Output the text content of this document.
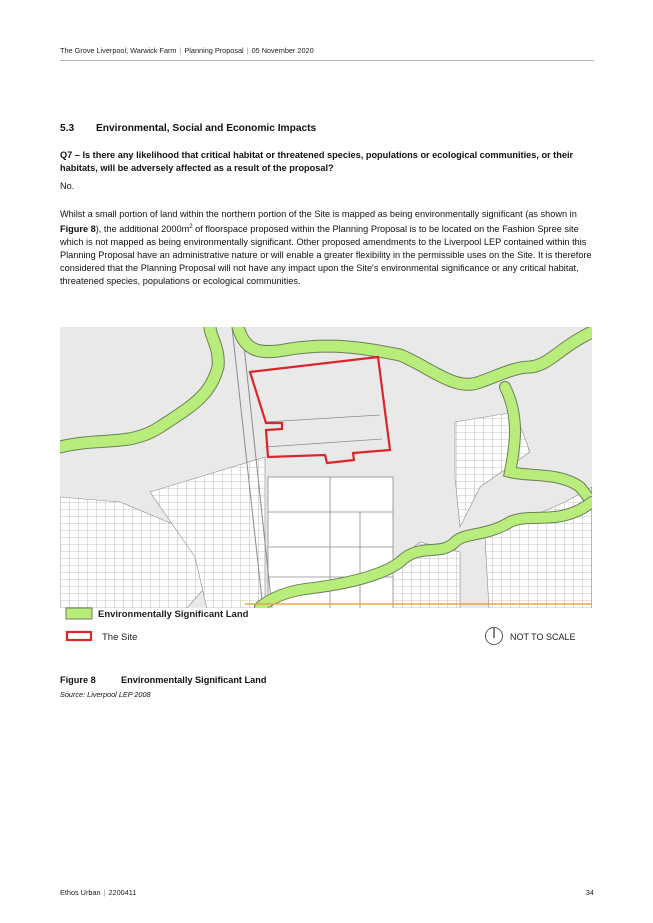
The Grove Liverpool, Warwick Farm | Planning Proposal | 05 November 2020
5.3 Environmental, Social and Economic Impacts
Q7 – Is there any likelihood that critical habitat or threatened species, populations or ecological communities, or their habitats, will be adversely affected as a result of the proposal?
No.
Whilst a small portion of land within the northern portion of the Site is mapped as being environmentally significant (as shown in Figure 8), the additional $2000m^2$ of floorspace proposed within the Planning Proposal is to be located on the Fashion Spree site which is not mapped as being environmentally significant. Other proposed amendments to the Liverpool LEP contained within this Planning Proposal have an administrative nature or will enable a greater flexibility in the permissible uses on the Site. It is therefore considered that the Planning Proposal will not have any impact upon the Site's environmental significance or any critical habitat, threatened species, populations or ecological communities.
Environmentally Significant Land
The Site	NOT TO SCALE
Figure 8	Environmentally Significant Land
Source: Liverpool LEP 2008
Ethos Urban | 2200411	34
